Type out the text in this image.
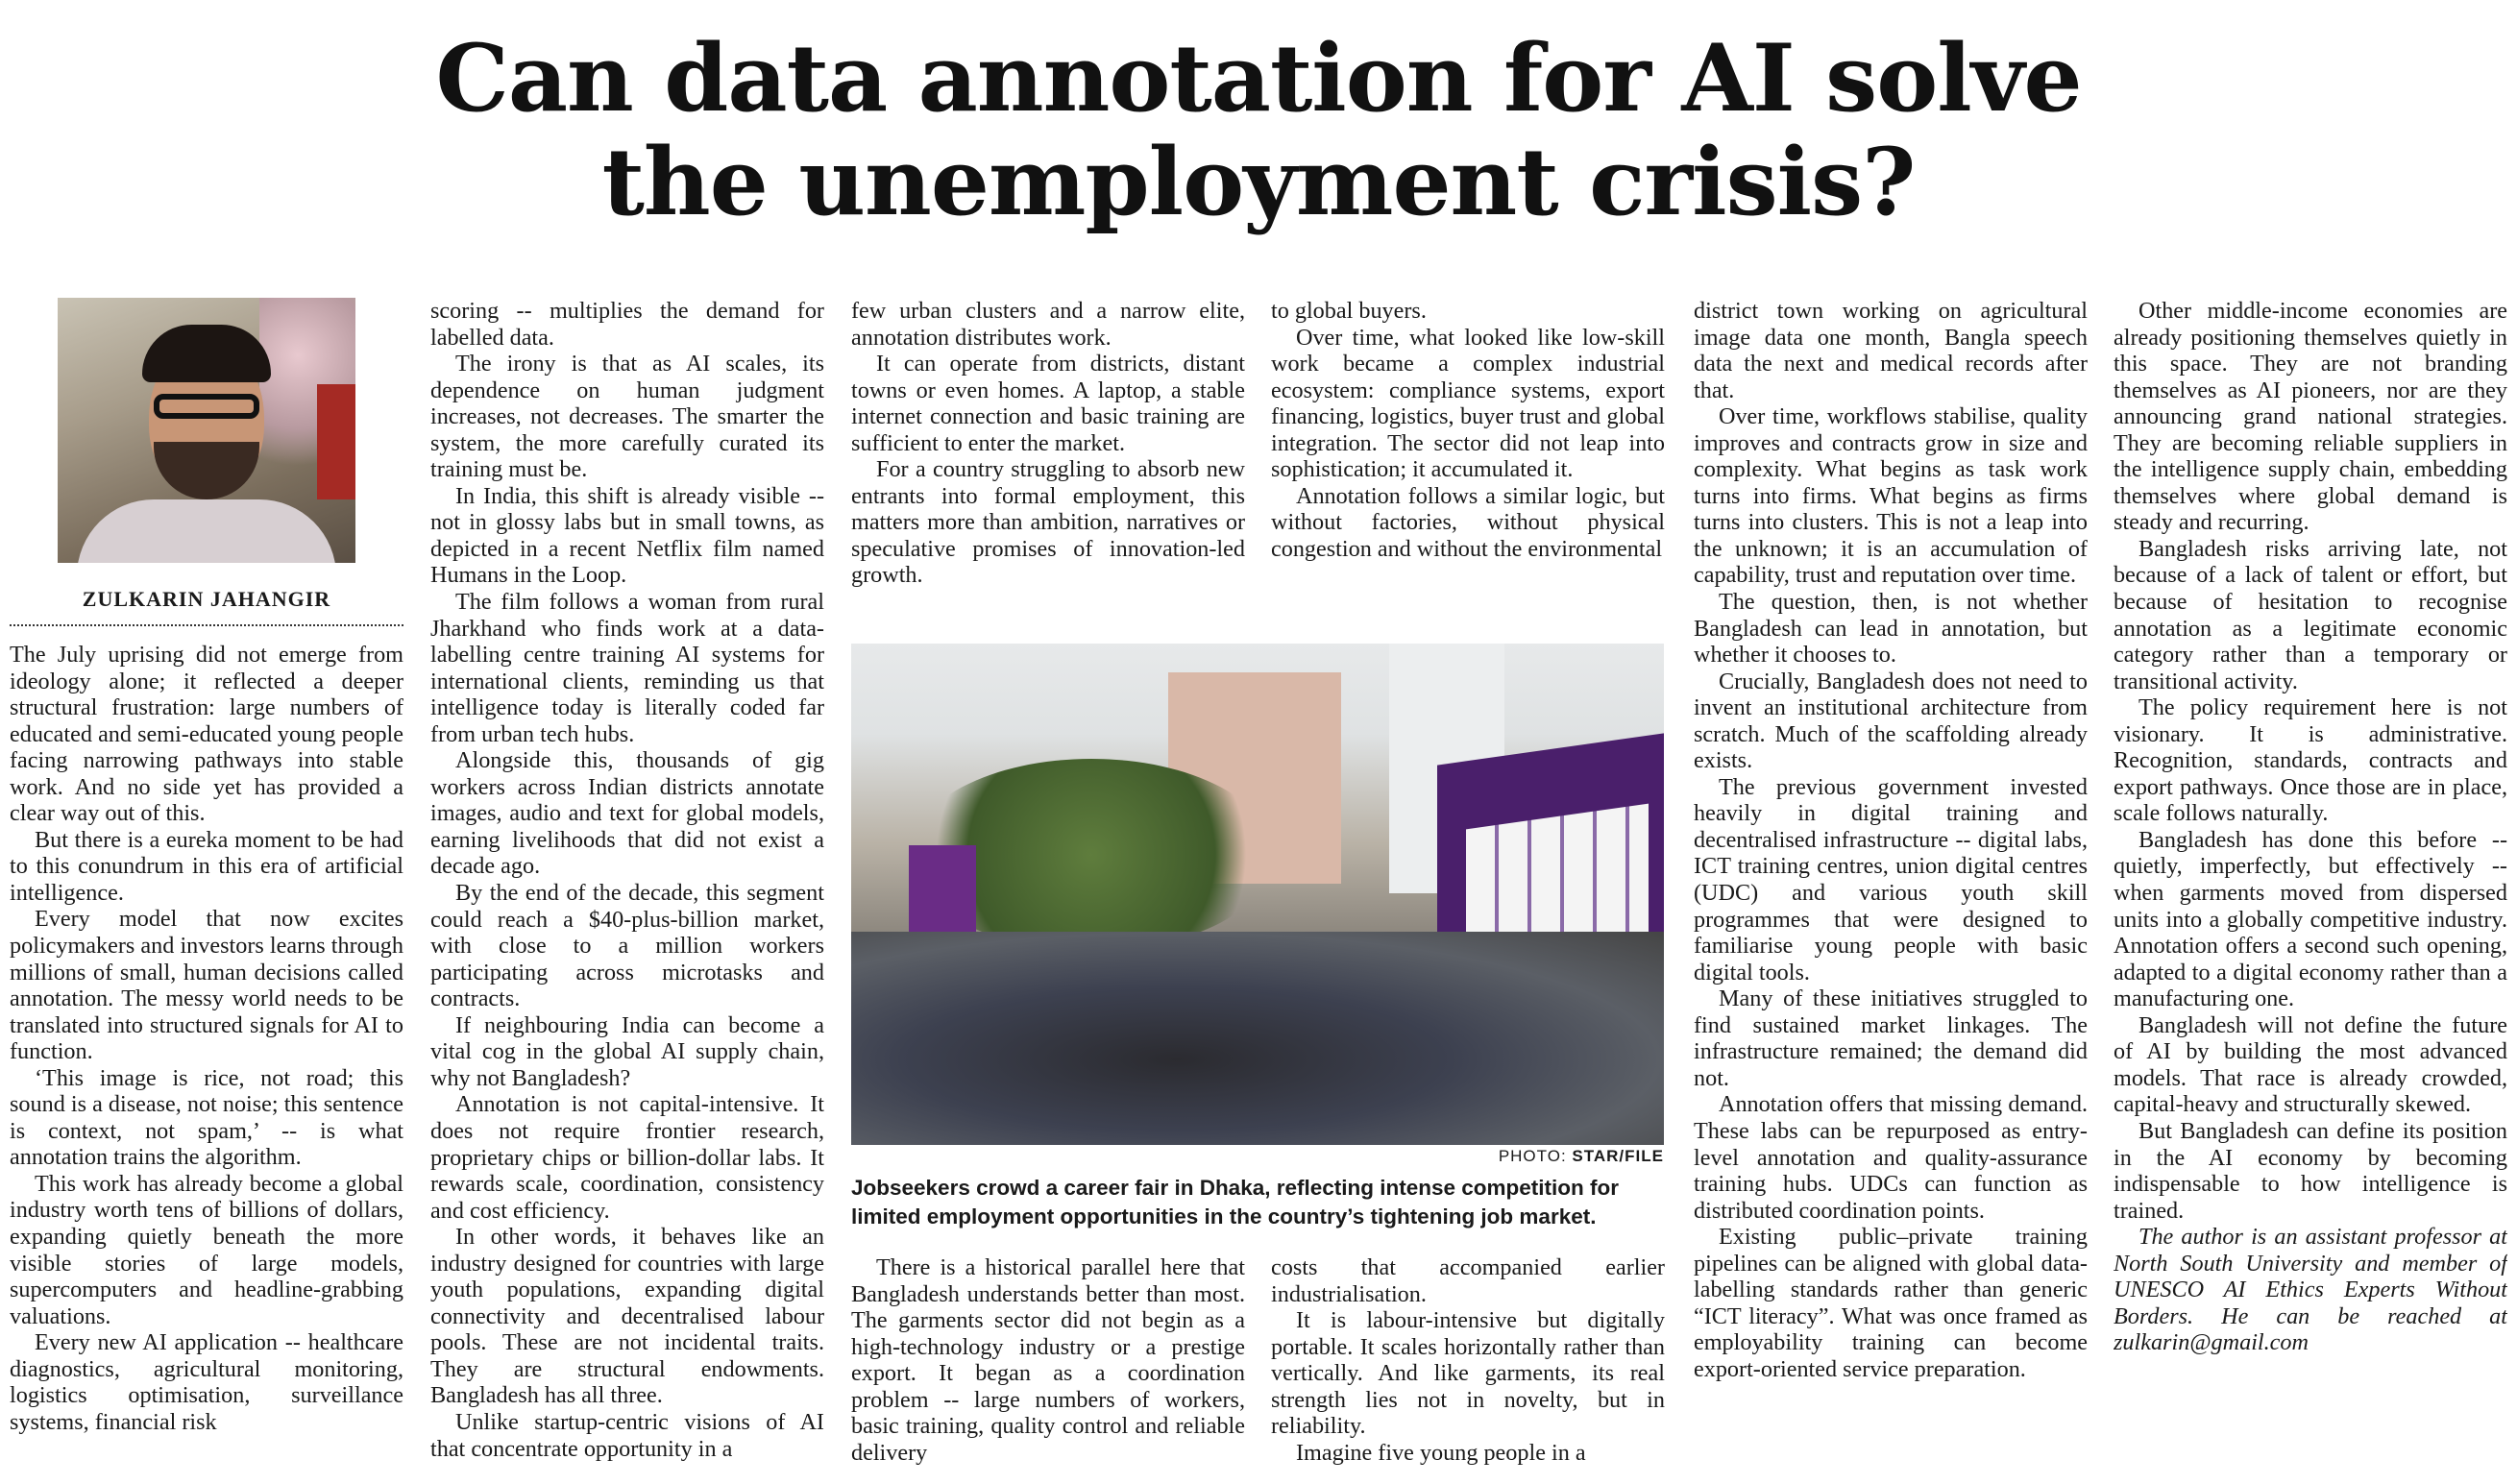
Can data annotation for AI solve
the unemployment crisis?
ZULKARIN JAHANGIR

The July uprising did not emerge from ideology alone; it reflected a deeper structural frustration: large numbers of educated and semi-educated young people facing narrowing pathways into stable work. And no side yet has provided a clear way out of this.

But there is a eureka moment to be had to this conundrum in this era of artificial intelligence.

Every model that now excites policymakers and investors learns through millions of small, human decisions called annotation. The messy world needs to be translated into structured signals for AI to function.

‘This image is rice, not road; this sound is a disease, not noise; this sentence is context, not spam,’ -- is what annotation trains the algorithm.

This work has already become a global industry worth tens of billions of dollars, expanding quietly beneath the more visible stories of large models, supercomputers and headline-grabbing valuations.

Every new AI application -- healthcare diagnostics, agricultural monitoring, logistics optimisation, surveillance systems, financial risk

scoring -- multiplies the demand for labelled data.

The irony is that as AI scales, its dependence on human judgment increases, not decreases. The smarter the system, the more carefully curated its training must be.

In India, this shift is already visible -- not in glossy labs but in small towns, as depicted in a recent Netflix film named Humans in the Loop.

The film follows a woman from rural Jharkhand who finds work at a data-labelling centre training AI systems for international clients, reminding us that intelligence today is literally coded far from urban tech hubs.

Alongside this, thousands of gig workers across Indian districts annotate images, audio and text for global models, earning livelihoods that did not exist a decade ago.

By the end of the decade, this segment could reach a $40-plus-billion market, with close to a million workers participating across microtasks and contracts.

If neighbouring India can become a vital cog in the global AI supply chain, why not Bangladesh?

Annotation is not capital-intensive. It does not require frontier research, proprietary chips or billion-dollar labs. It rewards scale, coordination, consistency and cost efficiency.

In other words, it behaves like an industry designed for countries with large youth populations, expanding digital connectivity and decentralised labour pools. These are not incidental traits. They are structural endowments. Bangladesh has all three.

Unlike startup-centric visions of AI that concentrate opportunity in a

few urban clusters and a narrow elite, annotation distributes work.

It can operate from districts, distant towns or even homes. A laptop, a stable internet connection and basic training are sufficient to enter the market.

For a country struggling to absorb new entrants into formal employment, this matters more than ambition, narratives or speculative promises of innovation-led growth.

to global buyers.

Over time, what looked like low-skill work became a complex industrial ecosystem: compliance systems, export financing, logistics, buyer trust and global integration. The sector did not leap into sophistication; it accumulated it.

Annotation follows a similar logic, but without factories, without physical congestion and without the environmental

district town working on agricultural image data one month, Bangla speech data the next and medical records after that.

Over time, workflows stabilise, quality improves and contracts grow in size and complexity. What begins as task work turns into firms. What begins as firms turns into clusters. This is not a leap into the unknown; it is an accumulation of capability, trust and reputation over time.

The question, then, is not whether Bangladesh can lead in annotation, but whether it chooses to.

Crucially, Bangladesh does not need to invent an institutional architecture from scratch. Much of the scaffolding already exists.

The previous government invested heavily in digital training and decentralised infrastructure -- digital labs, ICT training centres, union digital centres (UDC) and various youth skill programmes that were designed to familiarise young people with basic digital tools.

Many of these initiatives struggled to find sustained market linkages. The infrastructure remained; the demand did not.

Annotation offers that missing demand. These labs can be repurposed as entry-level annotation and quality-assurance training hubs. UDCs can function as distributed coordination points.

Existing public–private training pipelines can be aligned with global data-labelling standards rather than generic “ICT literacy”. What was once framed as employability training can become export-oriented service preparation.

Other middle-income economies are already positioning themselves quietly in this space. They are not branding themselves as AI pioneers, nor are they announcing grand national strategies. They are becoming reliable suppliers in the intelligence supply chain, embedding themselves where global demand is steady and recurring.

Bangladesh risks arriving late, not because of a lack of talent or effort, but because of hesitation to recognise annotation as a legitimate economic category rather than a temporary or transitional activity.

The policy requirement here is not visionary. It is administrative. Recognition, standards, contracts and export pathways. Once those are in place, scale follows naturally.

Bangladesh has done this before -- quietly, imperfectly, but effectively -- when garments moved from dispersed units into a globally competitive industry. Annotation offers a second such opening, adapted to a digital economy rather than a manufacturing one.

Bangladesh will not define the future of AI by building the most advanced models. That race is already crowded, capital-heavy and structurally skewed.

But Bangladesh can define its position in the AI economy by becoming indispensable to how intelligence is trained.

The author is an assistant professor at North South University and member of UNESCO AI Ethics Experts Without Borders. He can be reached at zulkarin@gmail.com

PHOTO: STAR/FILE
Jobseekers crowd a career fair in Dhaka, reflecting intense competition for limited employment opportunities in the country’s tightening job market.

There is a historical parallel here that Bangladesh understands better than most. The garments sector did not begin as a high-technology industry or a prestige export. It began as a coordination problem -- large numbers of workers, basic training, quality control and reliable delivery

costs that accompanied earlier industrialisation.

It is labour-intensive but digitally portable. It scales horizontally rather than vertically. And like garments, its real strength lies not in novelty, but in reliability.

Imagine five young people in a
